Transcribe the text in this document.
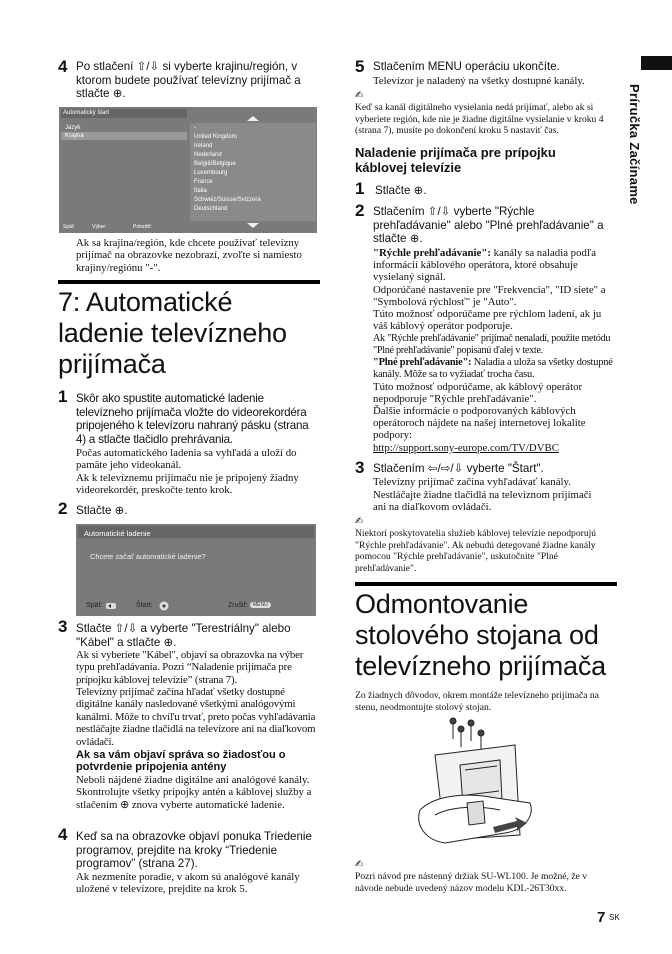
Príručka Začíname
4 Po stlačení ⇧/⇩ si vyberte krajinu/región, v ktorom budete používať televízny prijímač a stlačte ⊕.
Automatický štart
Jazyk
Krajina
-
United Kingdom
Ireland
Nederland
België/Belgique
Luxembourg
France
Italia
Schweiz/Suisse/Svizzera
Deutschland
Späť:	Výber:	Potvrdiť:
Ak sa krajina/región, kde chcete používať televízny prijímač na obrazovke nezobrazí, zvoľte si namiesto krajiny/regiónu "-".
7: Automatické
ladenie televízneho
prijímača
1 Skôr ako spustite automatické ladenie televízneho prijímača vložte do videorekordéra pripojeného k televízoru nahraný pásku (strana 4) a stlačte tlačidlo prehrávania.
Počas automatického ladenia sa vyhľadá a uloží do pamäte jeho videokanál.
Ak k televíznemu prijímaču nie je pripojený žiadny videorekordér, preskočte tento krok.
2 Stlačte ⊕.
Automatické ladenie
Chcete začať automatické ladenie?
Späť:	Štart:	Zrušiť: MENU
3 Stlačte ⇧/⇩ a vyberte "Terestriálny" alebo "Kábel" a stlačte ⊕.
Ak si vyberiete "Kábel", objaví sa obrazovka na výber typu prehľadávania. Pozri “Naladenie prijímača pre prípojku káblovej televízie” (strana 7).
Televízny prijímač začína hľadať všetky dostupné digitálne kanály nasledované všetkými analógovými kanálmi. Môže to chvíľu trvať, preto počas vyhľadávania nestláčajte žiadne tlačidlá na televízore ani na diaľkovom ovládači.
Ak sa vám objaví správa so žiadosťou o potvrdenie pripojenia antény
Neboli nájdené žiadne digitálne ani analógové kanály. Skontrolujte všetky prípojky antén a káblovej služby a stlačením ⊕ znova vyberte automatické ladenie.
4 Keď sa na obrazovke objaví ponuka Triedenie programov, prejdite na kroky “Triedenie programov” (strana 27).
Ak nezmeníte poradie, v akom sú analógové kanály uložené v televízore, prejdite na krok 5.
5 Stlačením MENU operáciu ukončíte.
Televízor je naladený na všetky dostupné kanály.
✍
Keď sa kanál digitálneho vysielania nedá prijímať, alebo ak si vyberiete región, kde nie je žiadne digitálne vysielanie v kroku 4 (strana 7), musíte po dokončení kroku 5 nastaviť čas.
Naladenie prijímača pre prípojku
káblovej televízie
1 Stlačte ⊕.
2 Stlačením ⇧/⇩ vyberte "Rýchle prehľadávanie" alebo "Plné prehľadávanie" a stlačte ⊕.
"Rýchle prehľadávanie": kanály sa naladia podľa informácií káblového operátora, ktoré obsahuje vysielaný signál.
Odporúčané nastavenie pre "Frekvencia", "ID siete" a "Symbolová rýchlosť" je "Auto".
Túto možnosť odporúčame pre rýchlom ladení, ak ju váš káblový operátor podporuje.
Ak "Rýchle prehľadávanie" prijímač nenaladí, použite metódu "Plné prehľadávanie" popisanú ďalej v texte.
"Plné prehľadávanie": Naladia a uloža sa všetky dostupné kanály. Môže sa to vyžiadať trocha času.
Túto možnosť odporúčame, ak káblový operátor nepodporuje "Rýchle prehľadávanie".
Ďalšie informácie o podporovaných káblových operátoroch nájdete na našej internetovej lokalite podpory:
http://support.sony-europe.com/TV/DVBC
3 Stlačením ⇦/⇨/⇩ vyberte "Štart".
Televízny prijímač začína vyhľadávať kanály.
Nestláčajte žiadne tlačidlá na televíznom prijímači ani na diaľkovom ovládači.
✍
Niektorí poskytovatelia služieb káblovej televízie nepodporujú "Rýchle prehľadávanie". Ak nebudú detegované žiadne kanály pomocou "Rýchle prehľadávanie", uskutočnite "Plné prehľadávanie".
Odmontovanie
stolového stojana od
televízneho prijímača
Zo žiadnych dôvodov, okrem montáže televízneho prijímača na stenu, neodmontujte stolový stojan.
✍
Pozri návod pre nástenný držiak SU-WL100. Je možné, že v návode nebude uvedený názov modelu KDL-26T30xx.
7 SK
